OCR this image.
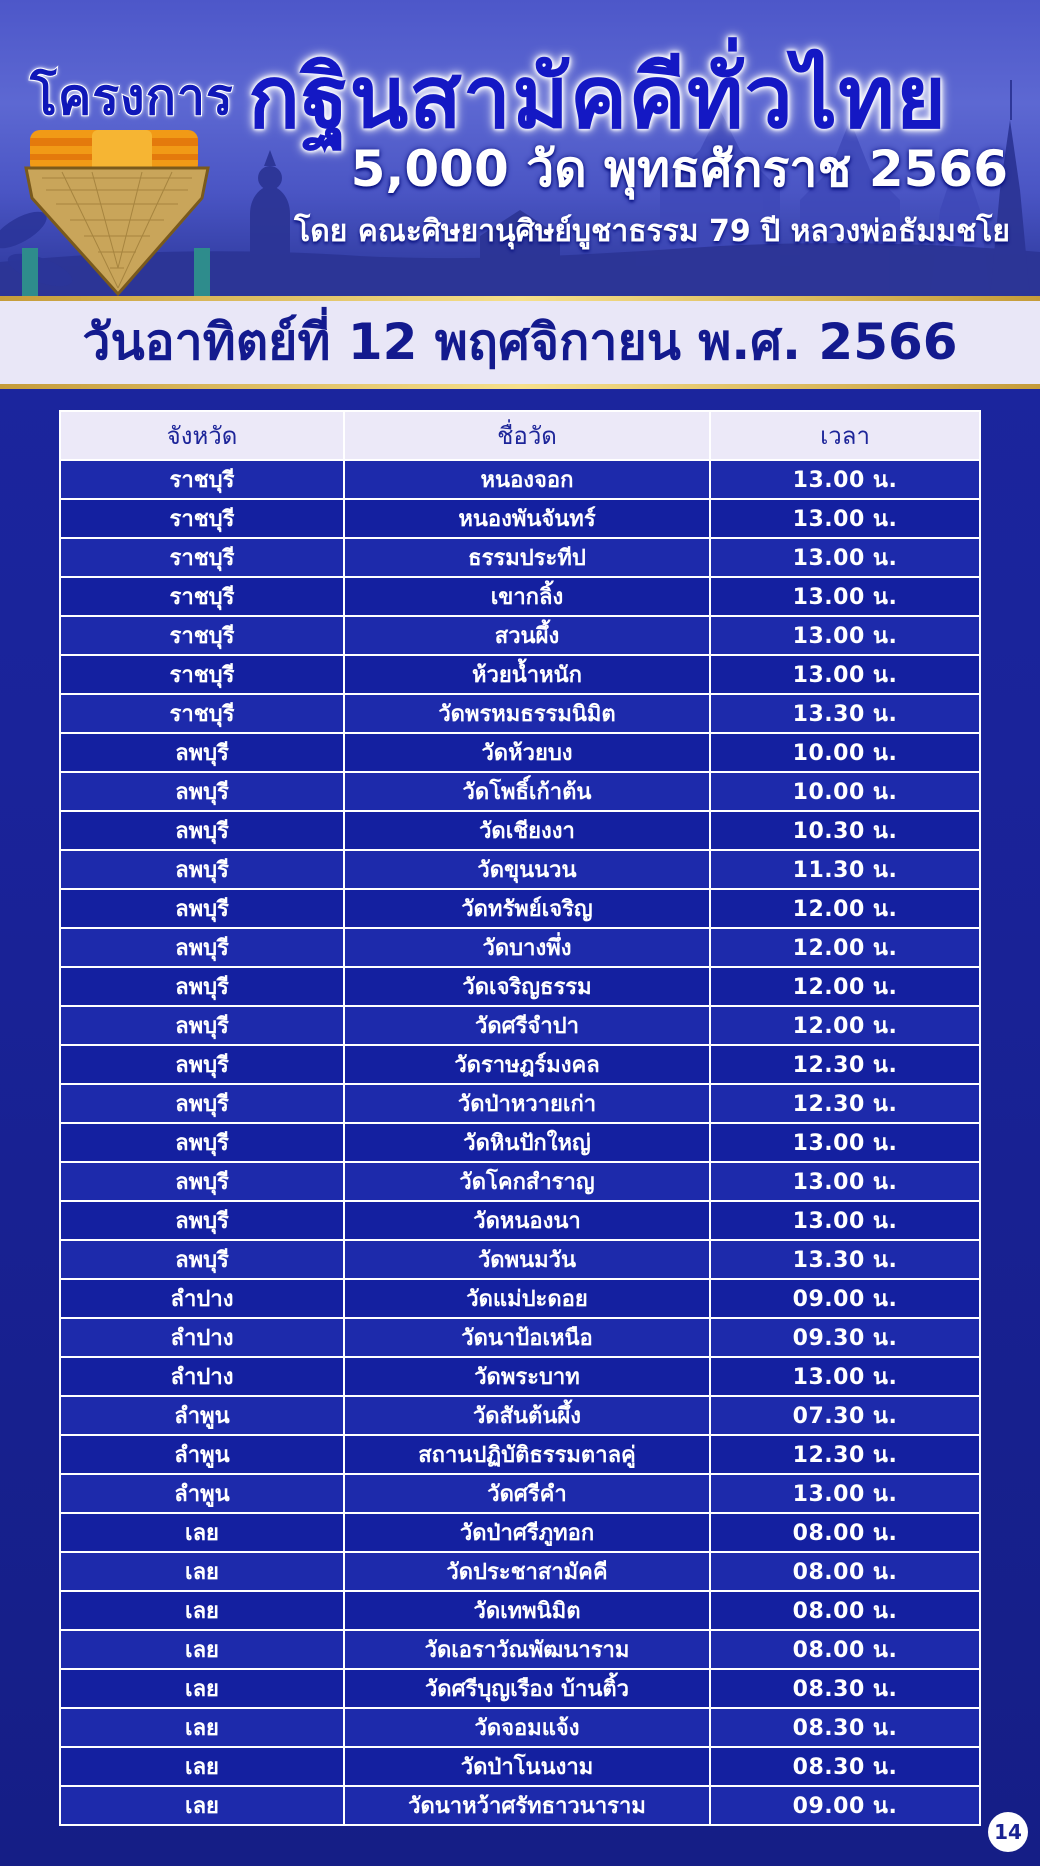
โครงการ กฐินสามัคคีทั่วไทย
5,000 วัด พุทธศักราช 2566
โดย คณะศิษยานุศิษย์บูชาธรรม 79 ปี หลวงพ่อธัมมชโย
วันอาทิตย์ที่ 12 พฤศจิกายน พ.ศ. 2566
จังหวัด	ชื่อวัด	เวลา
ราชบุรี	หนองจอก	13.00 น.
ราชบุรี	หนองพันจันทร์	13.00 น.
ราชบุรี	ธรรมประทีป	13.00 น.
ราชบุรี	เขากลิ้ง	13.00 น.
ราชบุรี	สวนผึ้ง	13.00 น.
ราชบุรี	ห้วยน้ำหนัก	13.00 น.
ราชบุรี	วัดพรหมธรรมนิมิต	13.30 น.
ลพบุรี	วัดห้วยบง	10.00 น.
ลพบุรี	วัดโพธิ์เก้าต้น	10.00 น.
ลพบุรี	วัดเชียงงา	10.30 น.
ลพบุรี	วัดขุนนวน	11.30 น.
ลพบุรี	วัดทรัพย์เจริญ	12.00 น.
ลพบุรี	วัดบางพึ่ง	12.00 น.
ลพบุรี	วัดเจริญธรรม	12.00 น.
ลพบุรี	วัดศรีจำปา	12.00 น.
ลพบุรี	วัดราษฎร์มงคล	12.30 น.
ลพบุรี	วัดป่าหวายเก่า	12.30 น.
ลพบุรี	วัดหินปักใหญ่	13.00 น.
ลพบุรี	วัดโคกสำราญ	13.00 น.
ลพบุรี	วัดหนองนา	13.00 น.
ลพบุรี	วัดพนมวัน	13.30 น.
ลำปาง	วัดแม่ปะดอย	09.00 น.
ลำปาง	วัดนาป้อเหนือ	09.30 น.
ลำปาง	วัดพระบาท	13.00 น.
ลำพูน	วัดสันต้นผึ้ง	07.30 น.
ลำพูน	สถานปฏิบัติธรรมตาลคู่	12.30 น.
ลำพูน	วัดศรีคำ	13.00 น.
เลย	วัดป่าศรีภูทอก	08.00 น.
เลย	วัดประชาสามัคคี	08.00 น.
เลย	วัดเทพนิมิต	08.00 น.
เลย	วัดเอราวัณพัฒนาราม	08.00 น.
เลย	วัดศรีบุญเรือง บ้านติ้ว	08.30 น.
เลย	วัดจอมแจ้ง	08.30 น.
เลย	วัดป่าโนนงาม	08.30 น.
เลย	วัดนาหว้าศรัทธาวนาราม	09.00 น.
14
